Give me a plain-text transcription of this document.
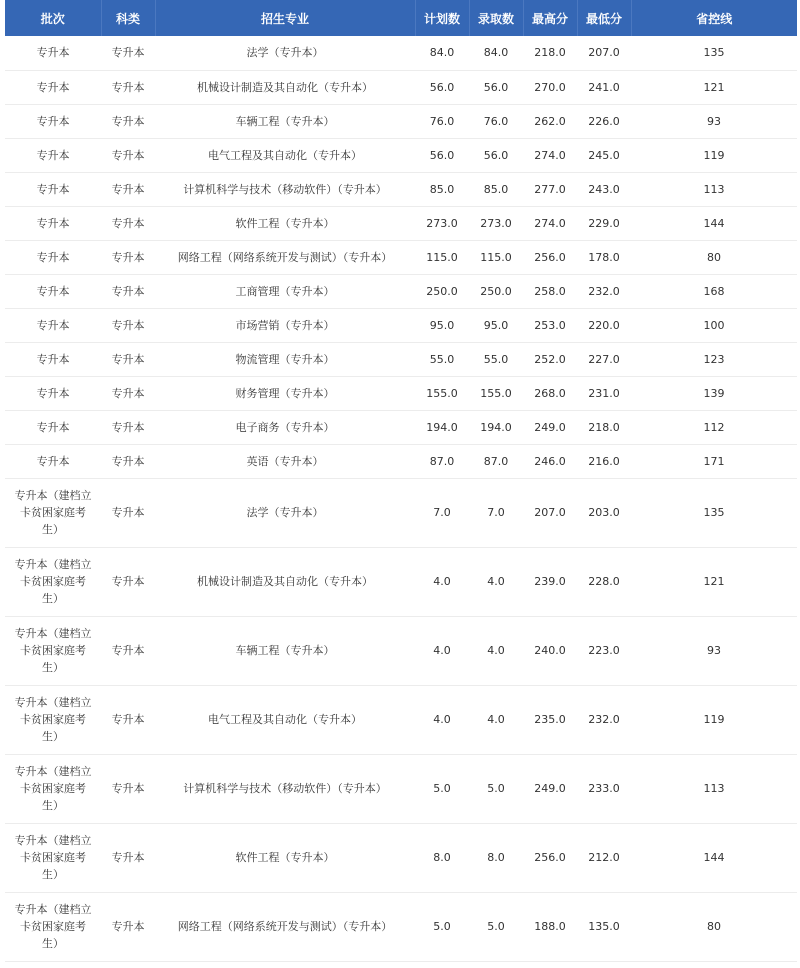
批次	科类	招生专业	计划数	录取数	最高分	最低分	省控线
专升本	专升本	法学（专升本）	84.0	84.0	218.0	207.0	135
专升本	专升本	机械设计制造及其自动化（专升本）	56.0	56.0	270.0	241.0	121
专升本	专升本	车辆工程（专升本）	76.0	76.0	262.0	226.0	93
专升本	专升本	电气工程及其自动化（专升本）	56.0	56.0	274.0	245.0	119
专升本	专升本	计算机科学与技术（移动软件）（专升本）	85.0	85.0	277.0	243.0	113
专升本	专升本	软件工程（专升本）	273.0	273.0	274.0	229.0	144
专升本	专升本	网络工程（网络系统开发与测试）（专升本）	115.0	115.0	256.0	178.0	80
专升本	专升本	工商管理（专升本）	250.0	250.0	258.0	232.0	168
专升本	专升本	市场营销（专升本）	95.0	95.0	253.0	220.0	100
专升本	专升本	物流管理（专升本）	55.0	55.0	252.0	227.0	123
专升本	专升本	财务管理（专升本）	155.0	155.0	268.0	231.0	139
专升本	专升本	电子商务（专升本）	194.0	194.0	249.0	218.0	112
专升本	专升本	英语（专升本）	87.0	87.0	246.0	216.0	171
专升本（建档立卡贫困家庭考生）	专升本	法学（专升本）	7.0	7.0	207.0	203.0	135
专升本（建档立卡贫困家庭考生）	专升本	机械设计制造及其自动化（专升本）	4.0	4.0	239.0	228.0	121
专升本（建档立卡贫困家庭考生）	专升本	车辆工程（专升本）	4.0	4.0	240.0	223.0	93
专升本（建档立卡贫困家庭考生）	专升本	电气工程及其自动化（专升本）	4.0	4.0	235.0	232.0	119
专升本（建档立卡贫困家庭考生）	专升本	计算机科学与技术（移动软件）（专升本）	5.0	5.0	249.0	233.0	113
专升本（建档立卡贫困家庭考生）	专升本	软件工程（专升本）	8.0	8.0	256.0	212.0	144
专升本（建档立卡贫困家庭考生）	专升本	网络工程（网络系统开发与测试）（专升本）	5.0	5.0	188.0	135.0	80
